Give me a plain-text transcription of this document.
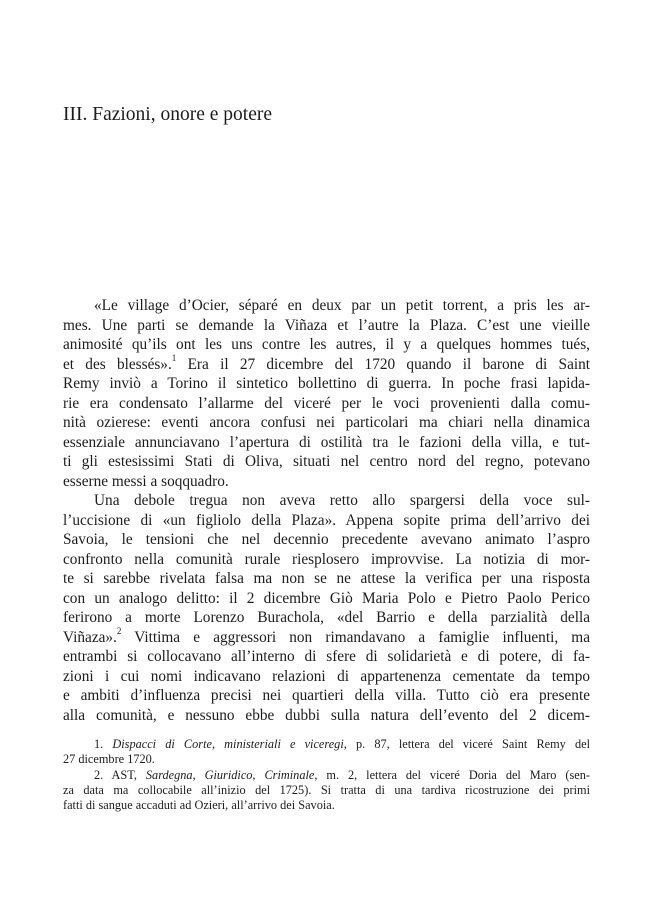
III. Fazioni, onore e potere
«Le village d’Ocier, séparé en deux par un petit torrent, a pris les ar-
mes. Une parti se demande la Viñaza et l’autre la Plaza. C’est une vieille
animosité qu’ils ont les uns contre les autres, il y a quelques hommes tués,
et des blessés».$^1$ Era il 27 dicembre del 1720 quando il barone di Saint
Remy inviò a Torino il sintetico bollettino di guerra. In poche frasi lapida-
rie era condensato l’allarme del viceré per le voci provenienti dalla comu-
nità ozierese: eventi ancora confusi nei particolari ma chiari nella dinamica
essenziale annunciavano l’apertura di ostilità tra le fazioni della villa, e tut-
ti gli estesissimi Stati di Oliva, situati nel centro nord del regno, potevano
esserne messi a soqquadro.
Una debole tregua non aveva retto allo spargersi della voce sul-
l’uccisione di «un figliolo della Plaza». Appena sopite prima dell’arrivo dei
Savoia, le tensioni che nel decennio precedente avevano animato l’aspro
confronto nella comunità rurale riesplosero improvvise. La notizia di mor-
te si sarebbe rivelata falsa ma non se ne attese la verifica per una risposta
con un analogo delitto: il 2 dicembre Giò Maria Polo e Pietro Paolo Perico
ferirono a morte Lorenzo Burachola, «del Barrio e della parzialità della
Viñaza».$^2$ Vittima e aggressori non rimandavano a famiglie influenti, ma
entrambi si collocavano all’interno di sfere di solidarietà e di potere, di fa-
zioni i cui nomi indicavano relazioni di appartenenza cementate da tempo
e ambiti d’influenza precisi nei quartieri della villa. Tutto ciò era presente
alla comunità, e nessuno ebbe dubbi sulla natura dell’evento del 2 dicem-
1. Dispacci di Corte, ministeriali e viceregi, p. 87, lettera del viceré Saint Remy del
27 dicembre 1720.
2. AST, Sardegna, Giuridico, Criminale, m. 2, lettera del viceré Doria del Maro (sen-
za data ma collocabile all’inizio del 1725). Si tratta di una tardiva ricostruzione dei primi
fatti di sangue accaduti ad Ozieri, all’arrivo dei Savoia.
